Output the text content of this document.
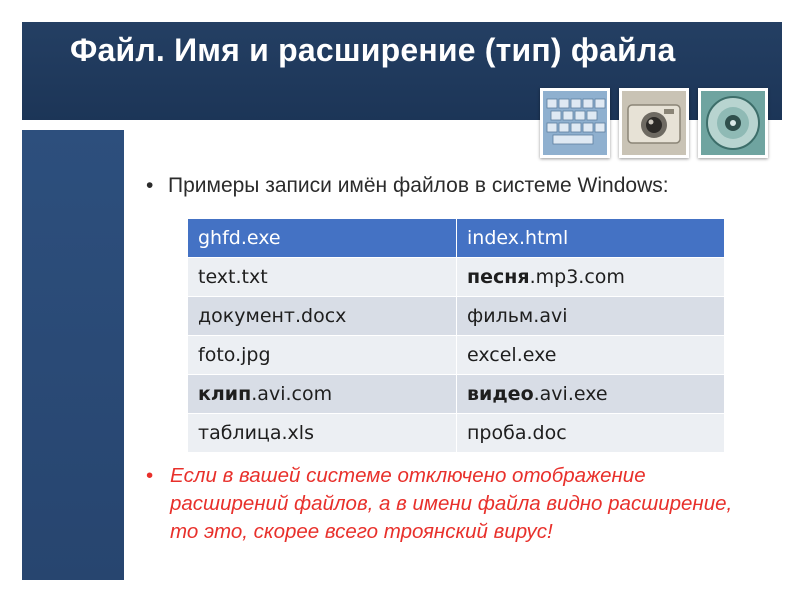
Файл. Имя и расширение (тип) файла
• Примеры записи имён файлов в системе Windows:
ghfd.exe	index.html
text.txt	песня.mp3.com
документ.docx	фильм.avi
foto.jpg	excel.exe
клип.avi.com	видео.avi.exe
таблица.xls	проба.doc
• Если в вашей системе отключено отображение расширений файлов, а в имени файла видно расширение, то это, скорее всего троянский вирус!
